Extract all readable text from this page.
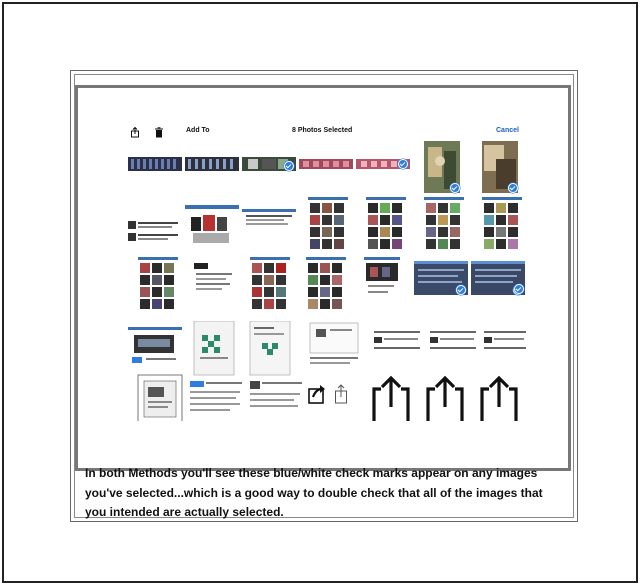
Add To	8 Photos Selected	Cancel
In both Methods you'll see these blue/white check marks appear on any images you've selected...which is a good way to double check that all of the images that you intended are actually selected.
